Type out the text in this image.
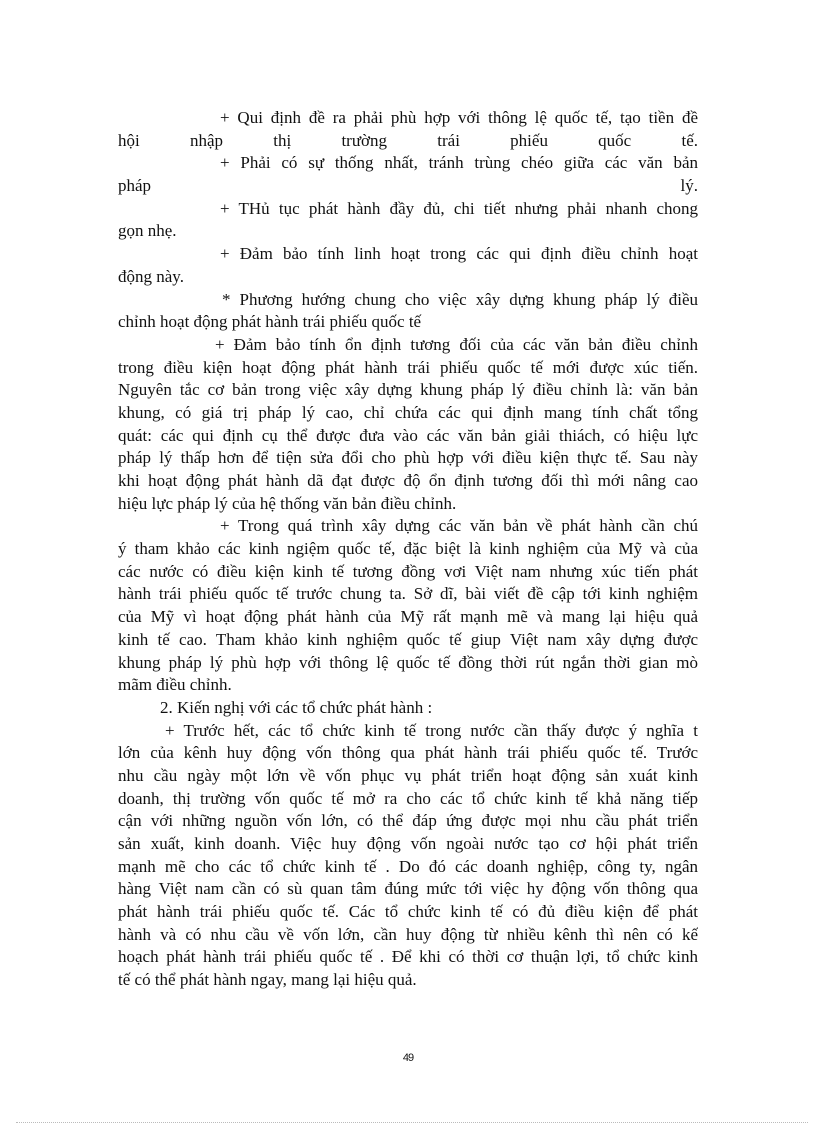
+ Qui định đề ra phải phù hợp với thông lệ quốc tế, tạo tiền đề
hội nhập thị trường trái phiếu quốc tế.
+ Phải có sự thống nhất, tránh trùng chéo giữa các văn bản
pháp lý.
+ THủ tục phát hành đầy đủ, chi tiết nhưng phải nhanh chong
gọn nhẹ.
+ Đảm bảo tính linh hoạt trong các qui định điều chỉnh hoạt
động này.
* Phương hướng chung cho việc xây dựng khung pháp lý điều
chỉnh hoạt động phát hành trái phiếu quốc tế
+ Đảm bảo tính ổn định tương đối của các văn bản điều chỉnh
trong điều kiện hoạt động phát hành trái phiếu quốc tế mới được xúc tiến.
Nguyên tắc cơ bản trong việc xây dựng khung pháp lý điều chỉnh là: văn bản
khung, có giá trị pháp lý cao, chỉ chứa các qui định mang tính chất tổng
quát: các qui định cụ thể được đưa vào các văn bản giải thiách, có hiệu lực
pháp lý thấp hơn để tiện sửa đổi cho phù hợp với điều kiện thực tế. Sau này
khi hoạt động phát hành dã đạt được độ ổn định tương đối thì mới nâng cao
hiệu lực pháp lý của hệ thống văn bản điều chỉnh.
+ Trong quá trình xây dựng các văn bản về phát hành cần chú
ý tham khảo các kinh ngiệm quốc tế, đặc biệt là kinh nghiệm của Mỹ và của
các nước có điều kiện kinh tế tương đồng vơi Việt nam nhưng xúc tiến phát
hành trái phiếu quốc tế trước chung ta. Sở dĩ, bài viết đề cập tới kinh nghiệm
của Mỹ vì hoạt động phát hành của Mỹ rất mạnh mẽ và mang lại hiệu quả
kinh tế cao. Tham khảo kinh nghiệm quốc tế giup Việt nam xây dựng được
khung pháp lý phù hợp với thông lệ quốc tế đồng thời rút ngắn thời gian mò
mãm điều chỉnh.
2. Kiến nghị với các tổ chức phát hành :
+ Trước hết, các tổ chức kinh tế trong nước cần thấy được ý nghĩa t
lớn của kênh huy động vốn thông qua phát hành trái phiếu quốc tế. Trước
nhu cầu ngày một lớn về vốn phục vụ phát triển hoạt động sản xuát kinh
doanh, thị trường vốn quốc tế mở ra cho các tổ chức kinh tế khả năng tiếp
cận với những nguồn vốn lớn, có thể đáp ứng được mọi nhu cầu phát triển
sản xuất, kinh doanh. Việc huy động vốn ngoài nước tạo cơ hội phát triển
mạnh mẽ cho các tổ chức kinh tế . Do đó các doanh nghiệp, công ty, ngân
hàng Việt nam cần có sù quan tâm đúng mức tới việc hy động vốn thông qua
phát hành trái phiếu quốc tế. Các tổ chức kinh tế có đủ điều kiện để phát
hành và có nhu cầu về vốn lớn, cần huy động từ nhiều kênh thì nên có kế
hoạch phát hành trái phiếu quốc tế . Để khi có thời cơ thuận lợi, tổ chức kinh
tế có thể phát hành ngay, mang lại hiệu quả.
49
